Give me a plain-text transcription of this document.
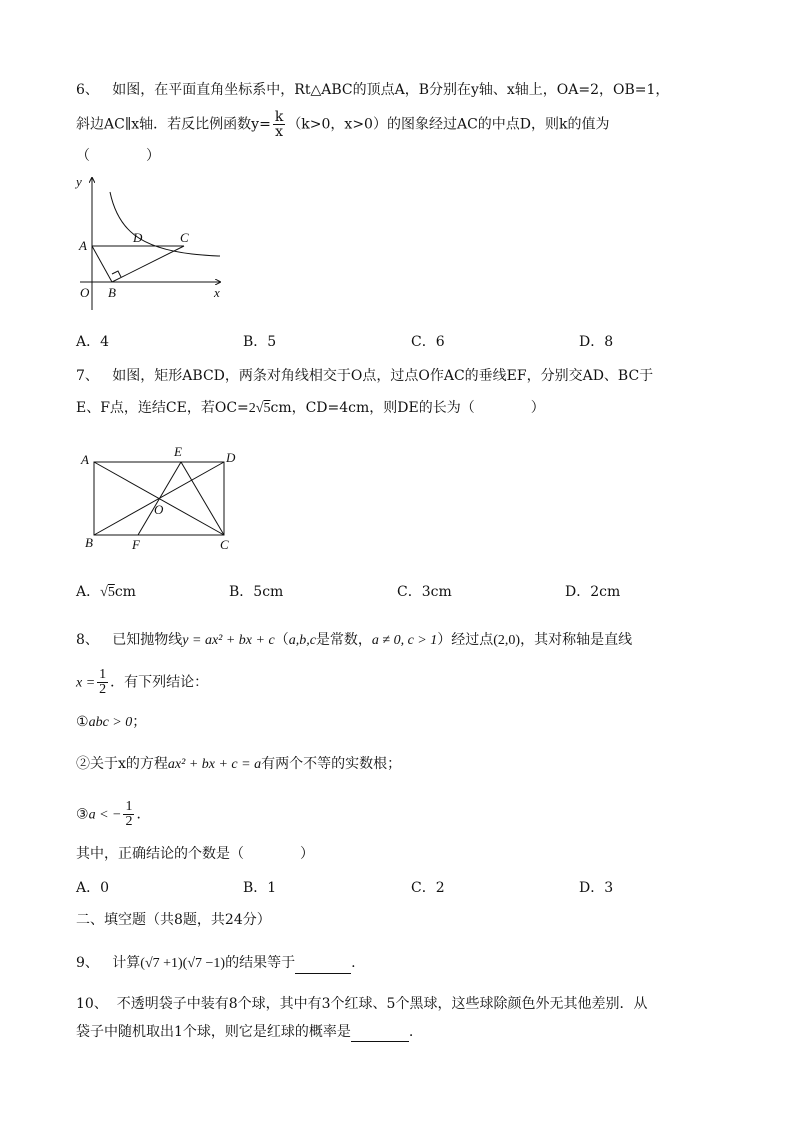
6、 如图，在平面直角坐标系中，Rt△ABC的顶点A，B分别在y轴、x轴上，OA=2，OB=1，
斜边AC∥x轴．若反比例函数$y= \frac{k}{x} (k>0$，x>0）的图象经过AC的中点D，则k的值为
（　　　　）
y
x
A
O B
D	C
A．4	B．5	C．6	D．8
7、 如图，矩形ABCD，两条对角线相交于O点，过点O作AC的垂线EF，分别交AD、BC于
E、F点，连结CE，若OC=2√5cm，CD=4cm，则DE的长为（　　　　）
A
E	D
O
B	F	C
A．√5cm	B．5cm	C．3cm	D．2cm
8、 已知抛物线y = ax² + bx + c（a,b,c是常数，a ≠ 0, c > 1）经过点(2,0)，其对称轴是直线
$x = \frac{1}{2}$ ．有下列结论：
①abc > 0；
②关于x的方程ax² + bx + c = a有两个不等的实数根；
③a < − $\frac{1}{2}$ ．
其中，正确结论的个数是（　　　　）
A．0	B．1	C．2	D．3
二、填空题（共8题，共24分）
9、 计算(√7 +1)(√7 −1)的结果等于	.
10、 不透明袋子中装有8个球，其中有3个红球、5个黑球，这些球除颜色外无其他差别．从
袋子中随机取出1个球，则它是红球的概率是	.
